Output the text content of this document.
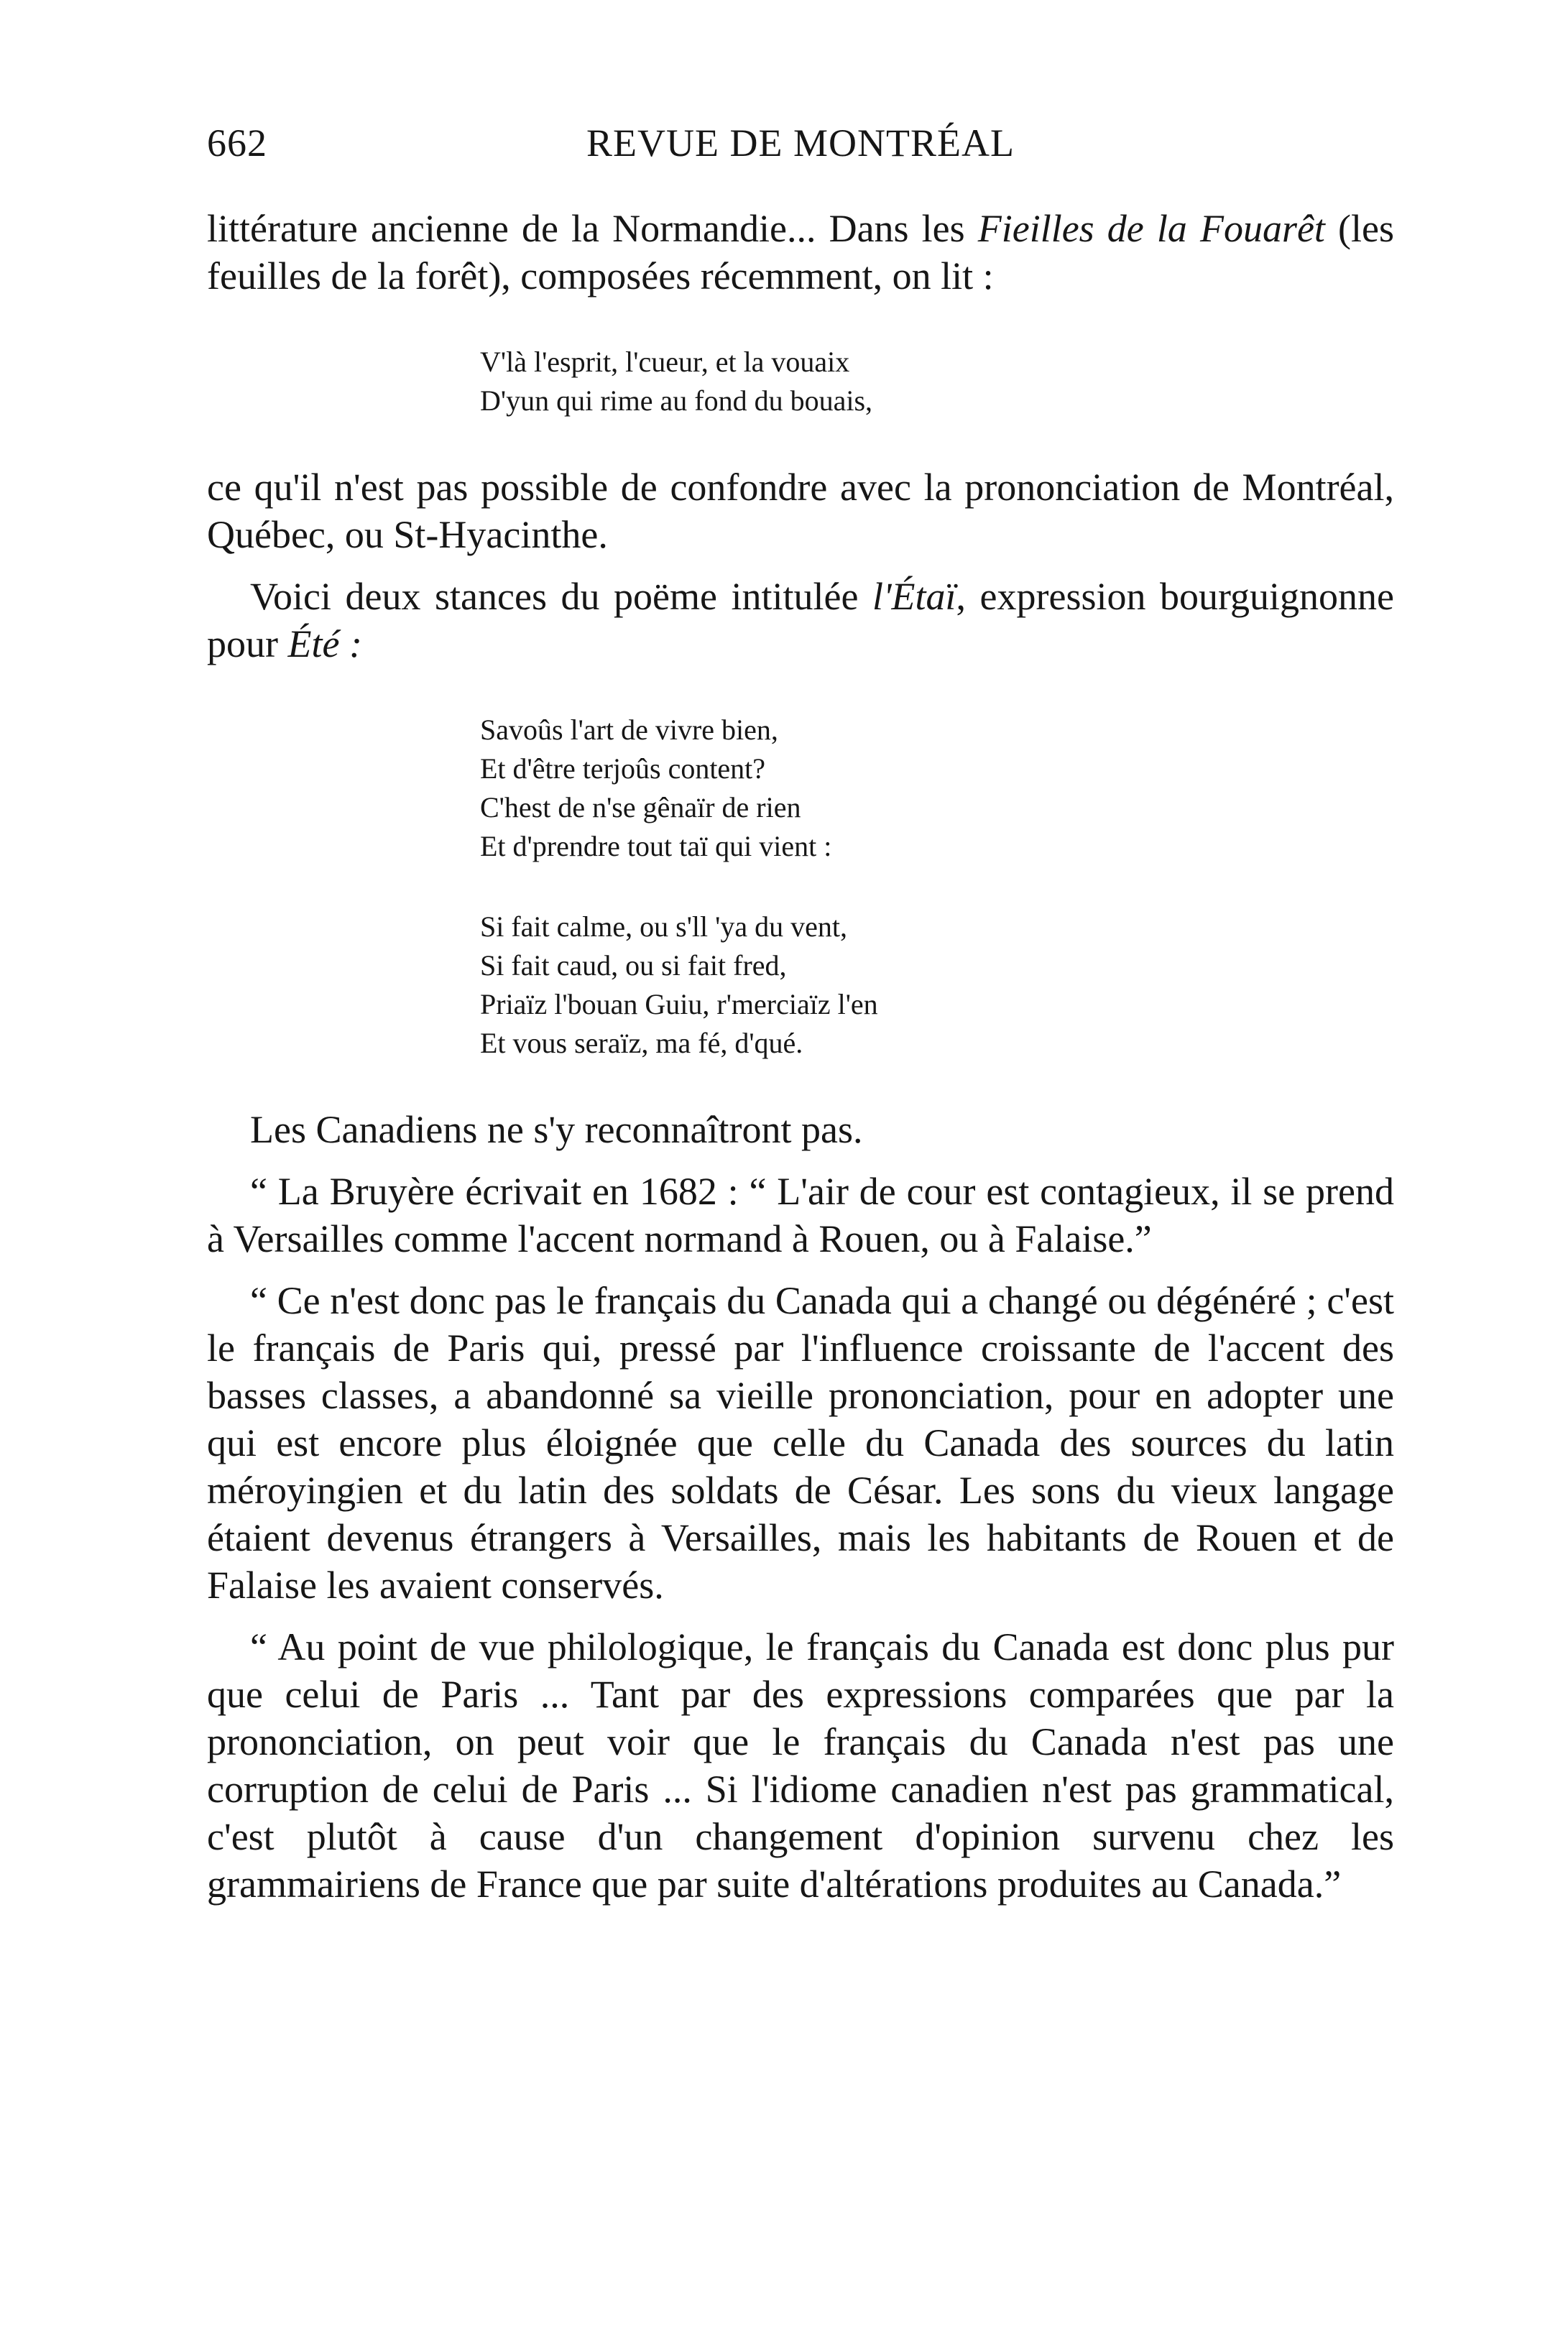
662	REVUE DE MONTRÉAL

littérature ancienne de la Normandie... Dans les Fieilles de la Fouarêt (les feuilles de la forêt), composées récemment, on lit :

V'là l'esprit, l'cueur, et la vouaix
D'yun qui rime au fond du bouais,

ce qu'il n'est pas possible de confondre avec la prononciation de Montréal, Québec, ou St-Hyacinthe.

Voici deux stances du poëme intitulée l'Étaï, expression bourguignonne pour Été :

Savoûs l'art de vivre bien,
Et d'être terjoûs content?
C'hest de n'se gênaïr de rien
Et d'prendre tout taï qui vient :
Si fait calme, ou s'll 'ya du vent,
Si fait caud, ou si fait fred,
Priaïz l'bouan Guiu, r'merciaïz l'en
Et vous seraïz, ma fé, d'qué.

Les Canadiens ne s'y reconnaîtront pas.

“ La Bruyère écrivait en 1682 : “ L'air de cour est contagieux, il se prend à Versailles comme l'accent normand à Rouen, ou à Falaise.”

“ Ce n'est donc pas le français du Canada qui a changé ou dégénéré ; c'est le français de Paris qui, pressé par l'influence croissante de l'accent des basses classes, a abandonné sa vieille prononciation, pour en adopter une qui est encore plus éloignée que celle du Canada des sources du latin méroyingien et du latin des soldats de César. Les sons du vieux langage étaient devenus étrangers à Versailles, mais les habitants de Rouen et de Falaise les avaient conservés.

“ Au point de vue philologique, le français du Canada est donc plus pur que celui de Paris ... Tant par des expressions comparées que par la prononciation, on peut voir que le français du Canada n'est pas une corruption de celui de Paris ... Si l'idiome canadien n'est pas grammatical, c'est plutôt à cause d'un changement d'opinion survenu chez les grammairiens de France que par suite d'altérations produites au Canada.”
